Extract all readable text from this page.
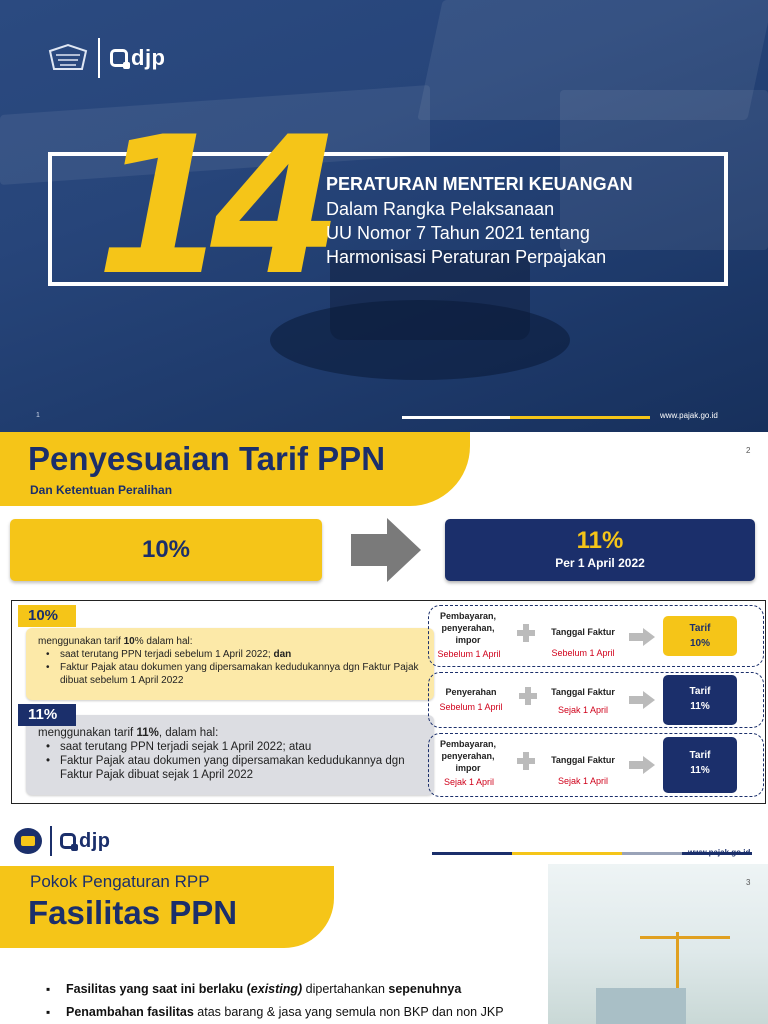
djp
14 PERATURAN MENTERI KEUANGAN
Dalam Rangka Pelaksanaan
UU Nomor 7 Tahun 2021 tentang
Harmonisasi Peraturan Perpajakan
1	www.pajak.go.id
Penyesuaian Tarif PPN
Dan Ketentuan Peralihan
2
10%	11%
Per 1 April 2022
10%
menggunakan tarif 10% dalam hal:
• saat terutang PPN terjadi sebelum 1 April 2022; dan
• Faktur Pajak atau dokumen yang dipersamakan kedudukannya dgn Faktur Pajak dibuat sebelum 1 April 2022
11%
menggunakan tarif 11%, dalam hal:
• saat terutang PPN terjadi sejak 1 April 2022; atau
• Faktur Pajak atau dokumen yang dipersamakan kedudukannya dgn Faktur Pajak dibuat sejak 1 April 2022
Pembayaran, penyerahan, impor
Sebelum 1 April
Tanggal Faktur
Sebelum 1 April
Tarif
10%
Penyerahan
Sebelum 1 April
Tanggal Faktur
Sejak 1 April
Tarif
11%
Pembayaran, penyerahan, impor
Sejak 1 April
Tanggal Faktur
Sejak 1 April
Tarif
11%
djp
www.pajak.go.id
Pokok Pengaturan RPP
Fasilitas PPN
3
▪ Fasilitas yang saat ini berlaku (existing) dipertahankan sepenuhnya
▪ Penambahan fasilitas atas barang & jasa yang semula non BKP dan non JKP
